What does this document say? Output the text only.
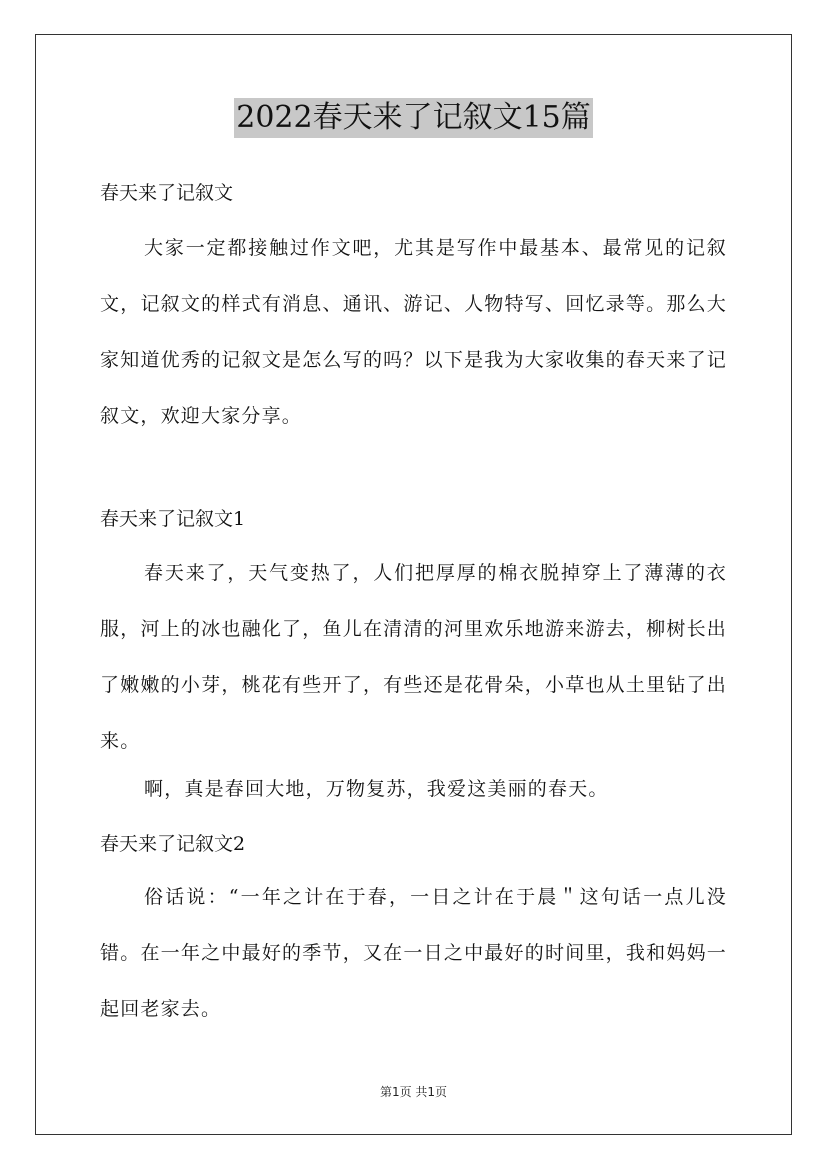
2022春天来了记叙文15篇
春天来了记叙文

大家一定都接触过作文吧，尤其是写作中最基本、最常见的记叙文，记叙文的样式有消息、通讯、游记、人物特写、回忆录等。那么大家知道优秀的记叙文是怎么写的吗？以下是我为大家收集的春天来了记叙文，欢迎大家分享。

春天来了记叙文1

春天来了，天气变热了，人们把厚厚的棉衣脱掉穿上了薄薄的衣服，河上的冰也融化了，鱼儿在清清的河里欢乐地游来游去，柳树长出了嫩嫩的小芽，桃花有些开了，有些还是花骨朵，小草也从土里钻了出来。

啊，真是春回大地，万物复苏，我爱这美丽的春天。

春天来了记叙文2

俗话说：“一年之计在于春，一日之计在于晨＂这句话一点儿没错。在一年之中最好的季节，又在一日之中最好的时间里，我和妈妈一起回老家去。

第1页 共1页
